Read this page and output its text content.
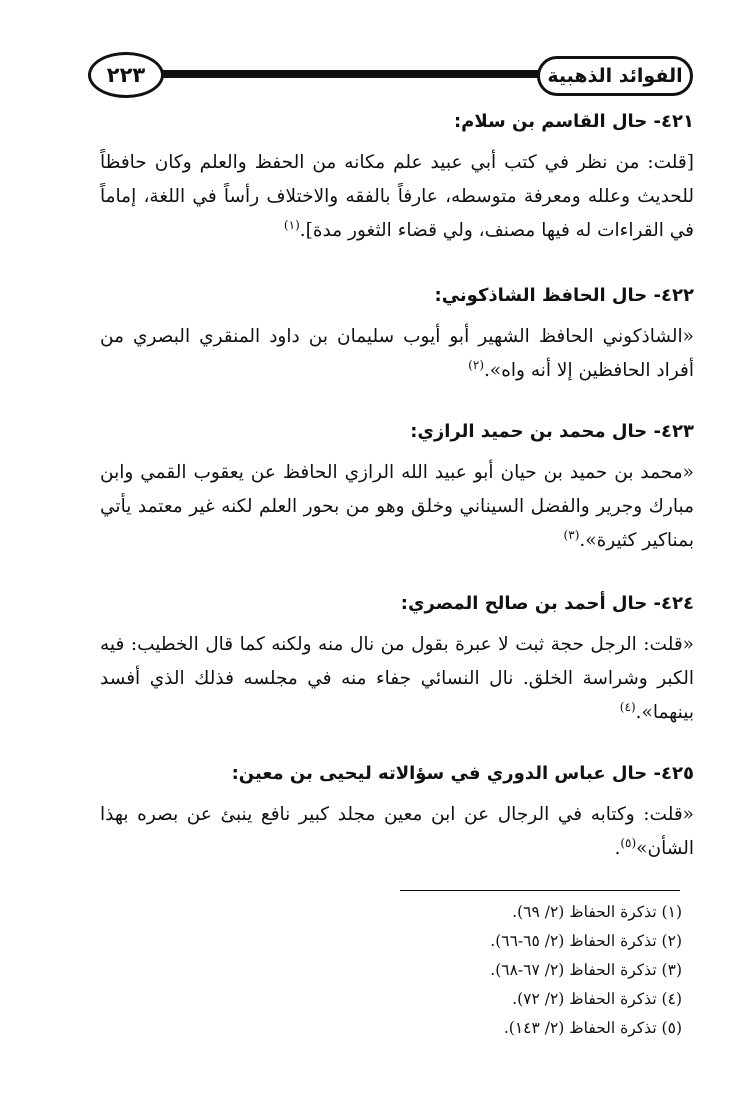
الفوائد الذهبية
٢٢٣
٤٢١- حال القاسم بن سلام:
[قلت: من نظر في كتب أبي عبيد علم مكانه من الحفظ والعلم وكان حافظاً للحديث وعلله ومعرفة متوسطه، عارفاً بالفقه والاختلاف رأساً في اللغة، إماماً في القراءات له فيها مصنف، ولي قضاء الثغور مدة].$^{(١)}$
٤٢٢- حال الحافظ الشاذكوني:
«الشاذكوني الحافظ الشهير أبو أيوب سليمان بن داود المنقري البصري من أفراد الحافظين إلا أنه واه».$^{(٢)}$
٤٢٣- حال محمد بن حميد الرازي:
«محمد بن حميد بن حيان أبو عبيد الله الرازي الحافظ عن يعقوب القمي وابن مبارك وجرير والفضل السيناني وخلق وهو من بحور العلم لكنه غير معتمد يأتي بمناكير كثيرة».$^{(٣)}$
٤٢٤- حال أحمد بن صالح المصري:
«قلت: الرجل حجة ثبت لا عبرة بقول من نال منه ولكنه كما قال الخطيب: فيه الكبر وشراسة الخلق. نال النسائي جفاء منه في مجلسه فذلك الذي أفسد بينهما».$^{(٤)}$
٤٢٥- حال عباس الدوري في سؤالاته ليحيى بن معين:
«قلت: وكتابه في الرجال عن ابن معين مجلد كبير نافع ينبئ عن بصره بهذا الشأن»$^{(٥)}$.
(١) تذكرة الحفاظ (٢/ ٦٩).
(٢) تذكرة الحفاظ (٢/ ٦٥-٦٦).
(٣) تذكرة الحفاظ (٢/ ٦٧-٦٨).
(٤) تذكرة الحفاظ (٢/ ٧٢).
(٥) تذكرة الحفاظ (٢/ ١٤٣).
